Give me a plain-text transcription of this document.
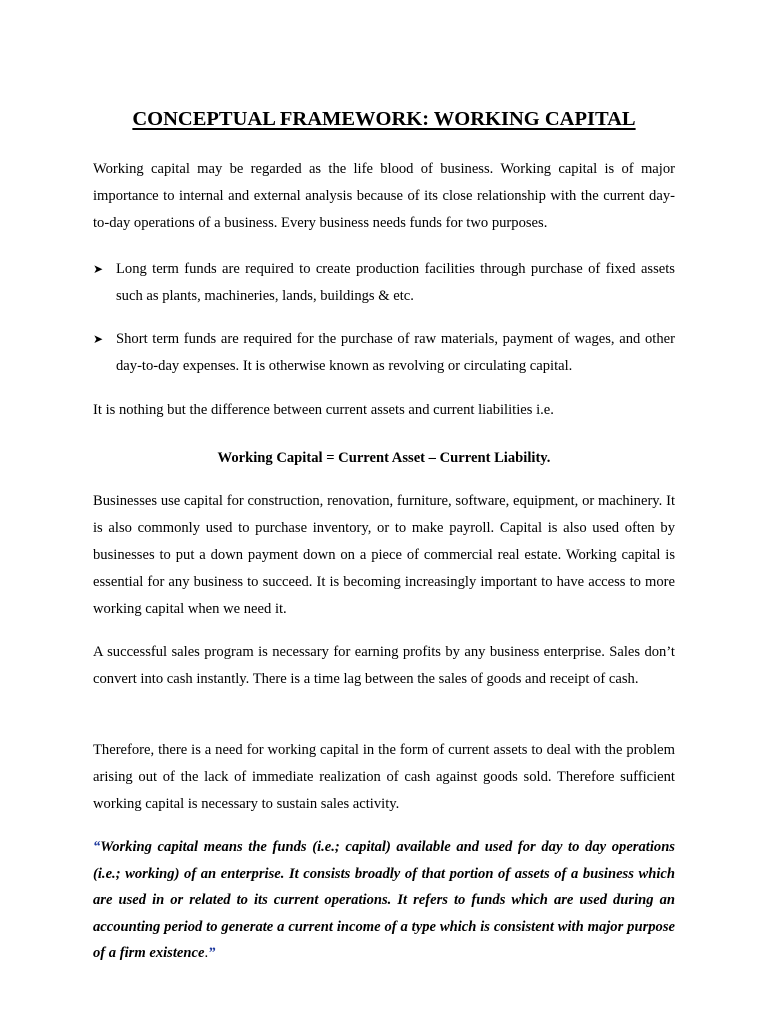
CONCEPTUAL FRAMEWORK: WORKING CAPITAL

Working capital may be regarded as the life blood of business. Working capital is of major importance to internal and external analysis because of its close relationship with the current day-to-day operations of a business. Every business needs funds for two purposes.

➤ Long term funds are required to create production facilities through purchase of fixed assets such as plants, machineries, lands, buildings & etc.
➤ Short term funds are required for the purchase of raw materials, payment of wages, and other day-to-day expenses. It is otherwise known as revolving or circulating capital.

It is nothing but the difference between current assets and current liabilities i.e.

Working Capital = Current Asset – Current Liability.

Businesses use capital for construction, renovation, furniture, software, equipment, or machinery. It is also commonly used to purchase inventory, or to make payroll. Capital is also used often by businesses to put a down payment down on a piece of commercial real estate. Working capital is essential for any business to succeed. It is becoming increasingly important to have access to more working capital when we need it.

A successful sales program is necessary for earning profits by any business enterprise. Sales don’t convert into cash instantly. There is a time lag between the sales of goods and receipt of cash.

Therefore, there is a need for working capital in the form of current assets to deal with the problem arising out of the lack of immediate realization of cash against goods sold. Therefore sufficient working capital is necessary to sustain sales activity.

“Working capital means the funds (i.e.; capital) available and used for day to day operations (i.e.; working) of an enterprise. It consists broadly of that portion of assets of a business which are used in or related to its current operations. It refers to funds which are used during an accounting period to generate a current income of a type which is consistent with major purpose of a firm existence.”
